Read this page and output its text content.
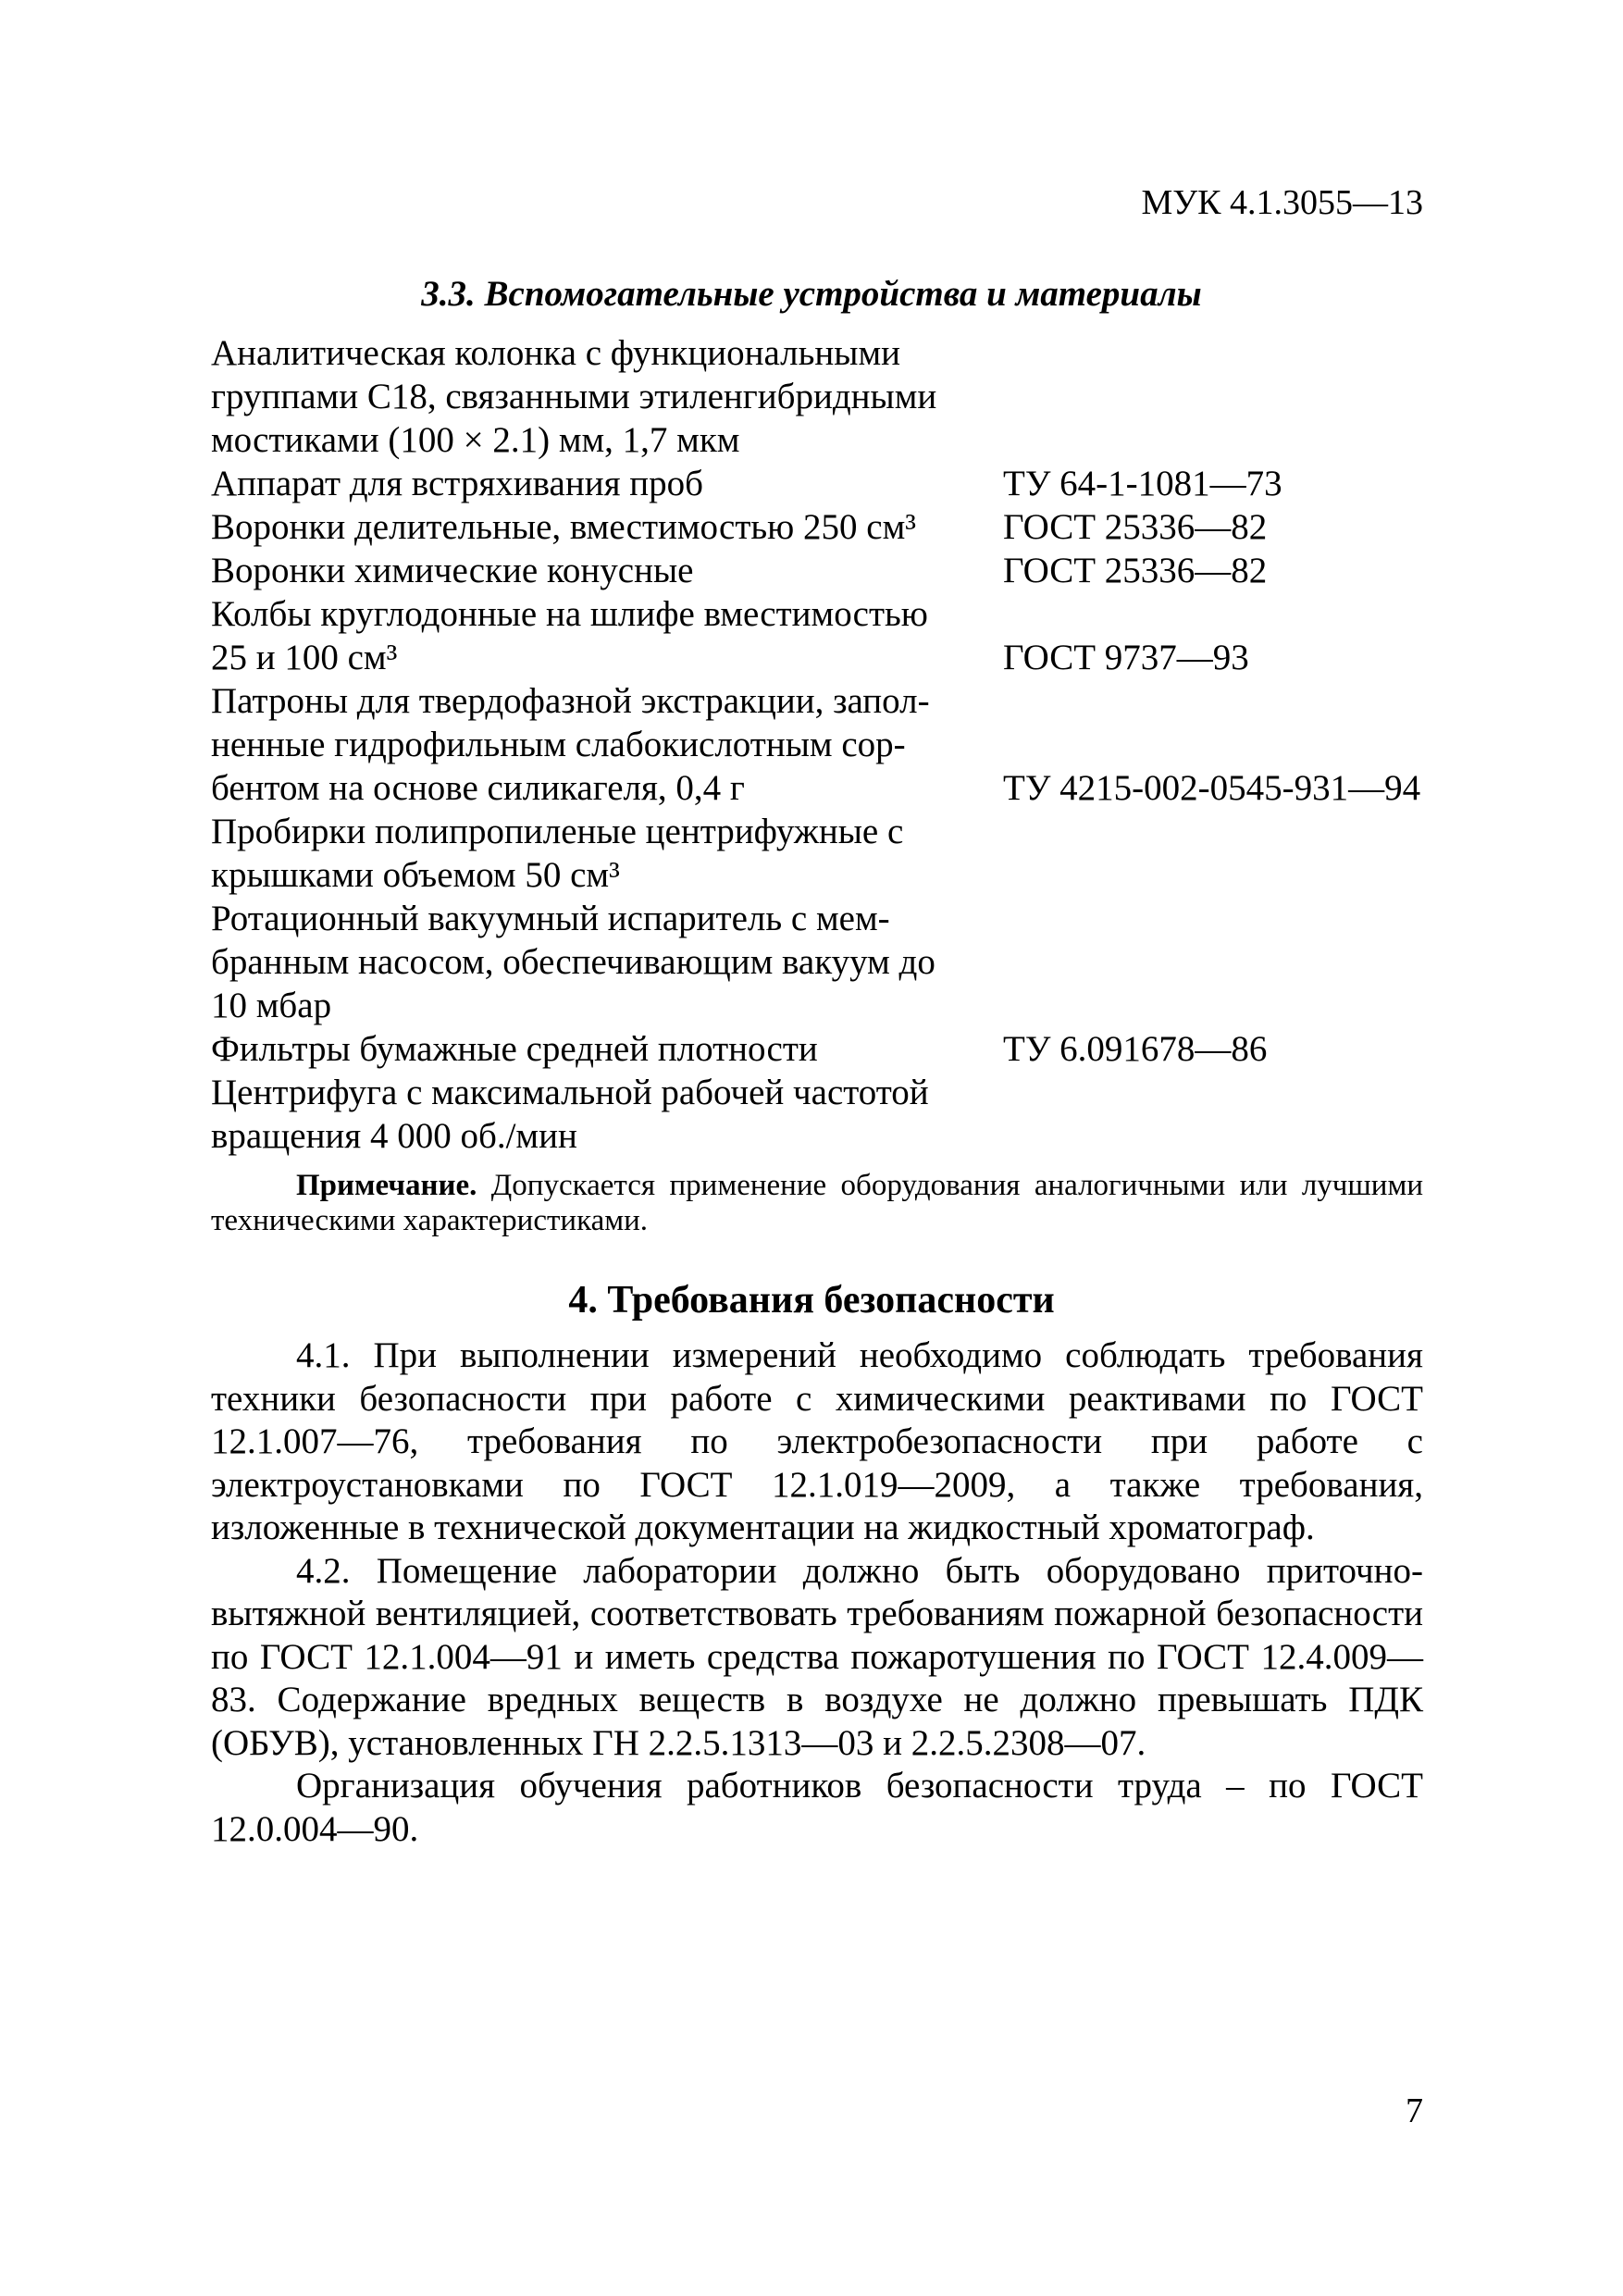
МУК 4.1.3055—13
3.3. Вспомогательные устройства и материалы
Аналитическая колонка с функциональными
группами С18, связанными этиленгибридными
мостиками (100 × 2.1) мм, 1,7 мкм	

Аппарат для встряхивания проб	ТУ 64-1-1081—73

Воронки делительные, вместимостью 250 см³	ГОСТ 25336—82

Воронки химические конусные	ГОСТ 25336—82

Колбы круглодонные на шлифе вместимостью
25 и 100 см³	ГОСТ 9737—93

Патроны для твердофазной экстракции, запол-
ненные гидрофильным слабокислотным сор-
бентом на основе силикагеля, 0,4 г	ТУ 4215-002-0545-931—94

Пробирки полипропиленые центрифужные с
крышками объемом 50 см³	

Ротационный вакуумный испаритель с мем-
бранным насосом, обеспечивающим вакуум до
10 мбар	

Фильтры бумажные средней плотности	ТУ 6.091678—86

Центрифуга с максимальной рабочей частотой
вращения 4 000 об./мин	

Примечание. Допускается применение оборудования аналогичными или лучшими техническими характеристиками.
4. Требования безопасности

4.1. При выполнении измерений необходимо соблюдать требования техники безопасности при работе с химическими реактивами по ГОСТ 12.1.007—76, требования по электробезопасности при работе с электроустановками по ГОСТ 12.1.019—2009, а также требования, изложенные в технической документации на жидкостный хроматограф.

4.2. Помещение лаборатории должно быть оборудовано приточно-вытяжной вентиляцией, соответствовать требованиям пожарной безопасности по ГОСТ 12.1.004—91 и иметь средства пожаротушения по ГОСТ 12.4.009—83. Содержание вредных веществ в воздухе не должно превышать ПДК (ОБУВ), установленных ГН 2.2.5.1313—03 и 2.2.5.2308—07.

Организация обучения работников безопасности труда – по ГОСТ 12.0.004—90.

7
